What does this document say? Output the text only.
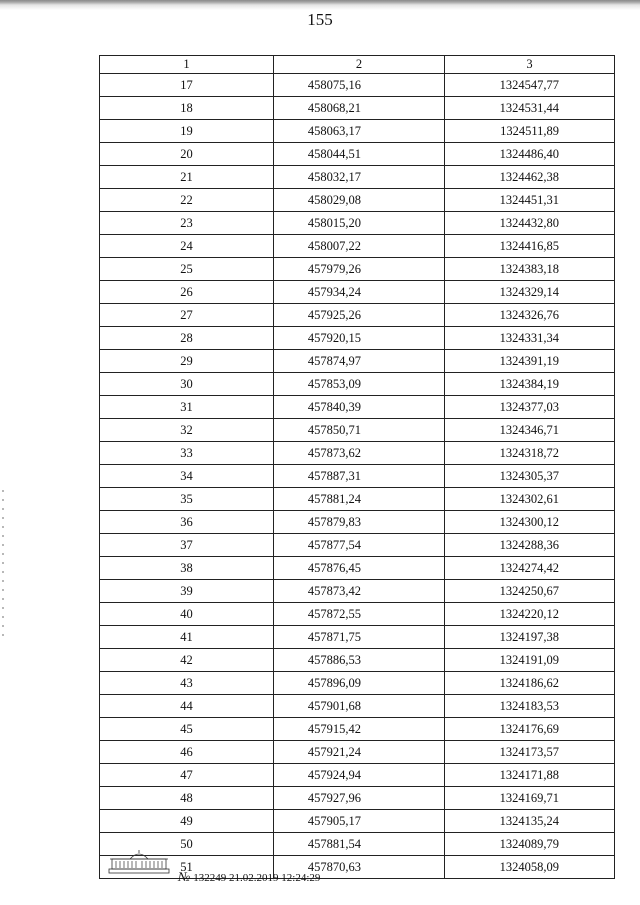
155
1	2	3
17	458075,16	1324547,77
18	458068,21	1324531,44
19	458063,17	1324511,89
20	458044,51	1324486,40
21	458032,17	1324462,38
22	458029,08	1324451,31
23	458015,20	1324432,80
24	458007,22	1324416,85
25	457979,26	1324383,18
26	457934,24	1324329,14
27	457925,26	1324326,76
28	457920,15	1324331,34
29	457874,97	1324391,19
30	457853,09	1324384,19
31	457840,39	1324377,03
32	457850,71	1324346,71
33	457873,62	1324318,72
34	457887,31	1324305,37
35	457881,24	1324302,61
36	457879,83	1324300,12
37	457877,54	1324288,36
38	457876,45	1324274,42
39	457873,42	1324250,67
40	457872,55	1324220,12
41	457871,75	1324197,38
42	457886,53	1324191,09
43	457896,09	1324186,62
44	457901,68	1324183,53
45	457915,42	1324176,69
46	457921,24	1324173,57
47	457924,94	1324171,88
48	457927,96	1324169,71
49	457905,17	1324135,24
50	457881,54	1324089,79
51	457870,63	1324058,09
№ 132249 21.02.2019 12:24:29
